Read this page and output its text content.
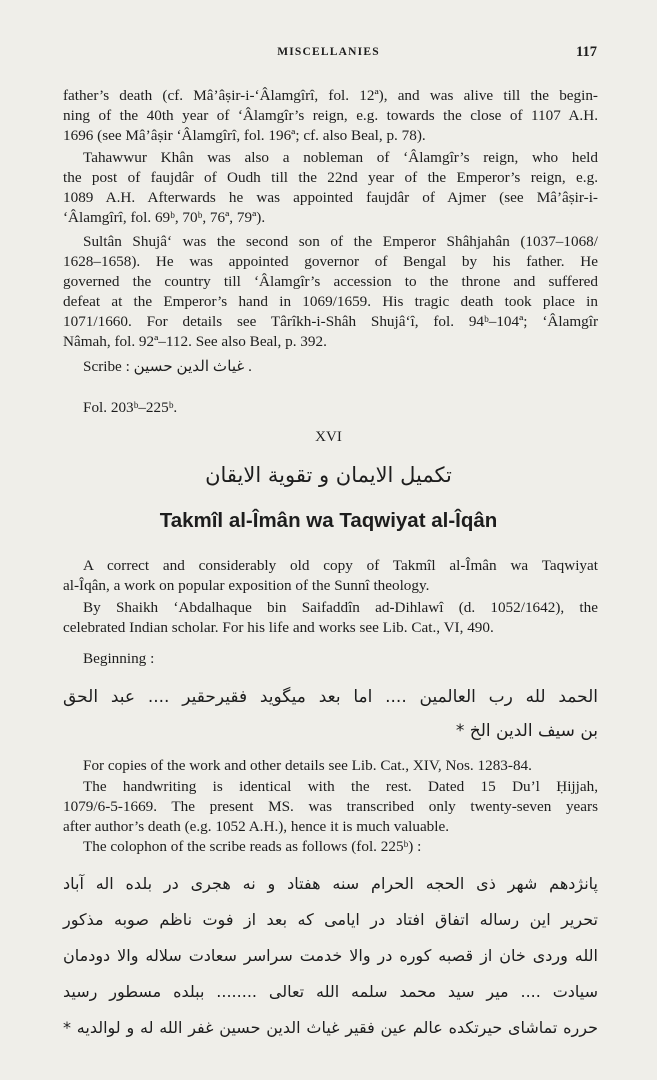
MISCELLANIES	117
father’s death (cf. Mâ’âṣir-i-‘Âlamgîrî, fol. 12ª), and was alive till the begin-
ning of the 40th year of ‘Âlamgîr’s reign, e.g. towards the close of 1107 A.H.
1696 (see Mâ’âṣir ‘Âlamgîrî, fol. 196ª; cf. also Beal, p. 78).
Tahawwur Khân was also a nobleman of ‘Âlamgîr’s reign, who held
the post of faujdâr of Oudh till the 22nd year of the Emperor’s reign, e.g.
1089 A.H. Afterwards he was appointed faujdâr of Ajmer (see Mâ’âṣir-i-
‘Âlamgîrî, fol. 69ᵇ, 70ᵇ, 76ª, 79ª).
Sultân Shujâ‘ was the second son of the Emperor Shâhjahân (1037–1068/
1628–1658). He was appointed governor of Bengal by his father. He
governed the country till ‘Âlamgîr’s accession to the throne and suffered
defeat at the Emperor’s hand in 1069/1659. His tragic death took place in
1071/1660. For details see Târîkh-i-Shâh Shujâ‘î, fol. 94ᵇ–104ª; ‘Âlamgîr
Nâmah, fol. 92ª–112. See also Beal, p. 392.
Scribe : غياث الدين حسين .
Fol. 203ᵇ–225ᵇ.
XVI
تكميل الايمان و تقوية الايقان
Takmîl al-Îmân wa Taqwiyat al-Îqân
A correct and considerably old copy of Takmîl al-Îmân wa Taqwiyat
al-Îqân, a work on popular exposition of the Sunnî theology.
By Shaikh ‘Abdalhaque bin Saifaddîn ad-Dihlawî (d. 1052/1642), the
celebrated Indian scholar. For his life and works see Lib. Cat., VI, 490.
Beginning :
الحمد لله رب العالمين .... اما بعد ميگويد فقيرحقير .... عبد الحق
بن سيف الدين الخ *
For copies of the work and other details see Lib. Cat., XIV, Nos. 1283-84.
The handwriting is identical with the rest. Dated 15 Du’l Ḥijjah,
1079/6-5-1669. The present MS. was transcribed only twenty-seven years
after author’s death (e.g. 1052 A.H.), hence it is much valuable.
The colophon of the scribe reads as follows (fol. 225ᵇ) :
پانژدهم شهر ذی الحجه الحرام سنه هفتاد و نه هجری در بلده اله آباد
تحریر این رساله اتفاق افتاد در ایامی که بعد از فوت ناظم صوبه مذکور
الله وردی خان از قصبه کوره در والا خدمت سراسر سعادت سلاله والا دودمان
سیادت .... میر سید محمد سلمه الله تعالی ........ ببلده مسطور رسید
حرره تماشای حیرتکده عالم عین فقیر غیاث الدین حسین غفر الله له و لوالدیه *
